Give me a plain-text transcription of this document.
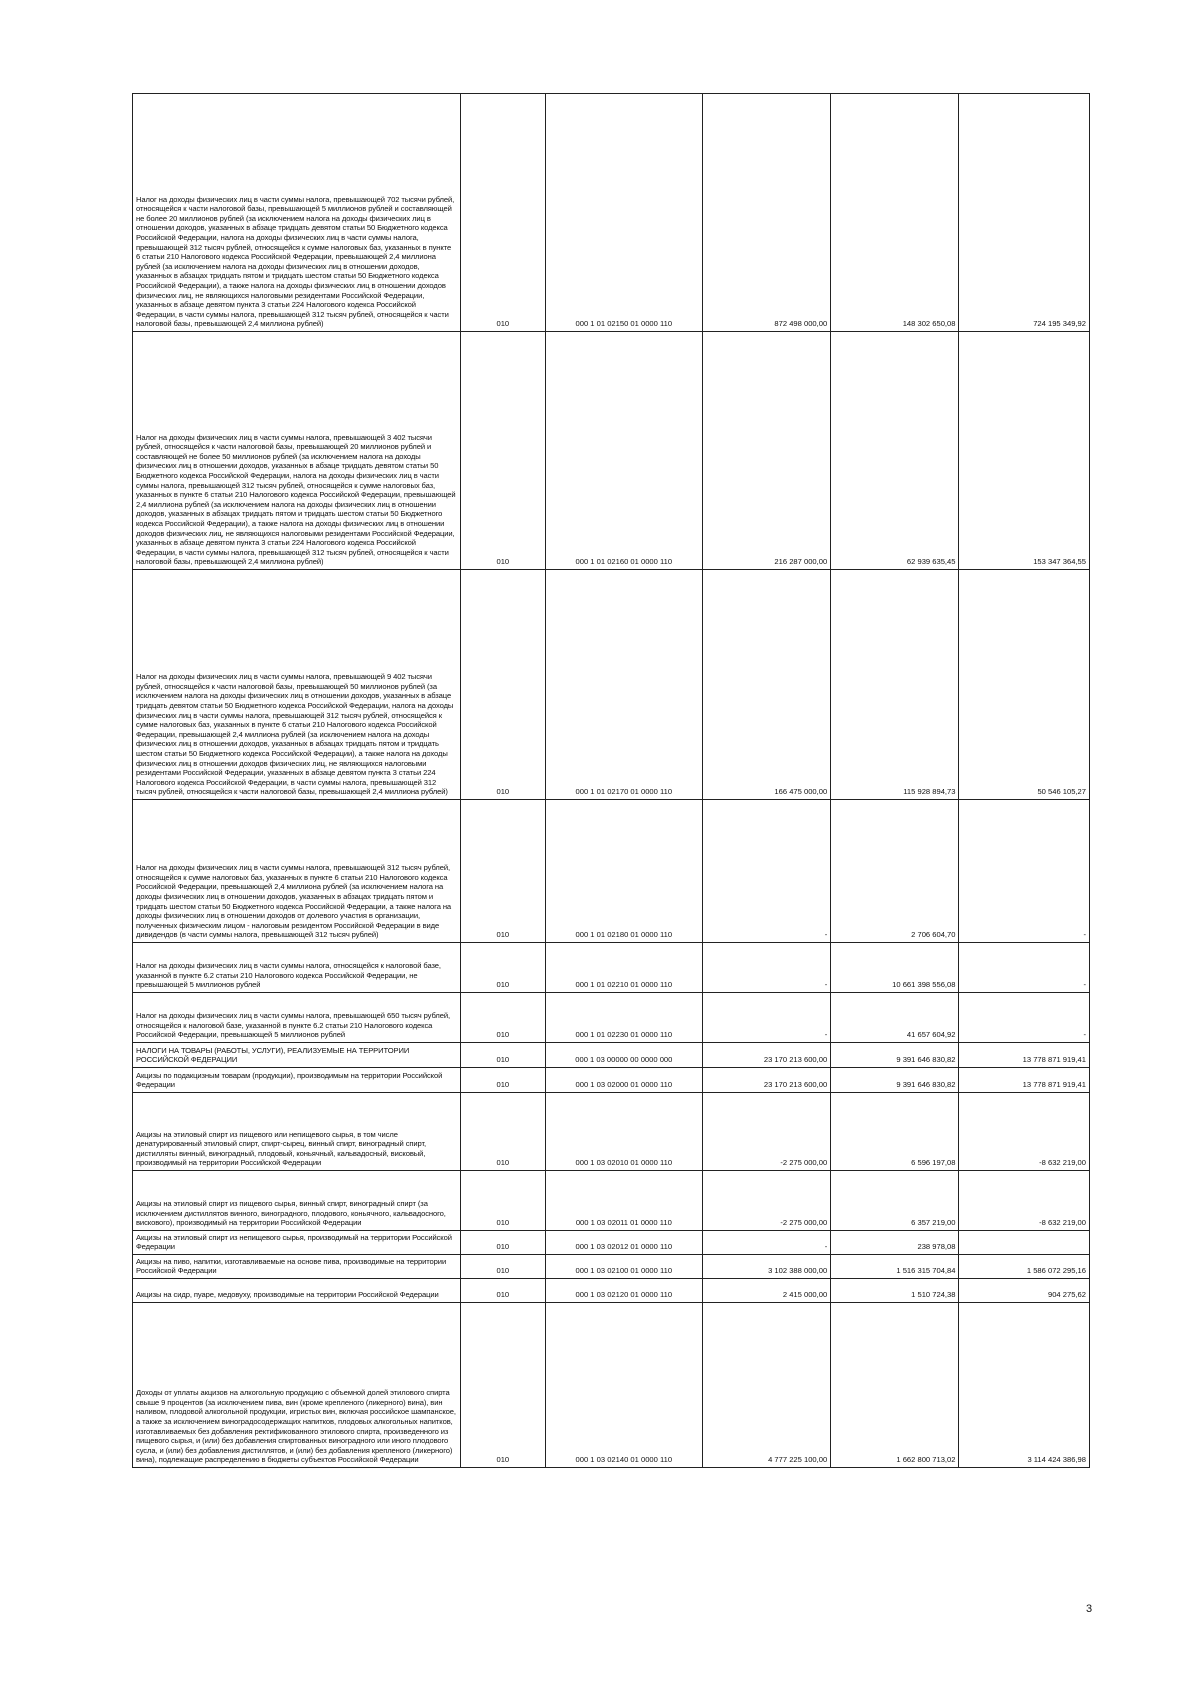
Налог на доходы физических лиц в части суммы налога, превышающей 702 тысячи рублей, относящейся к части налоговой базы, превышающей 5 миллионов рублей и составляющей не более 20 миллионов рублей (за исключением налога на доходы физических лиц в отношении доходов, указанных в абзаце тридцать девятом статьи 50 Бюджетного кодекса Российской Федерации, налога на доходы физических лиц в части суммы налога, превышающей 312 тысяч рублей, относящейся к сумме налоговых баз, указанных в пункте 6 статьи 210 Налогового кодекса Российской Федерации, превышающей 2,4 миллиона рублей (за исключением налога на доходы физических лиц в отношении доходов, указанных в абзацах тридцать пятом и тридцать шестом статьи 50 Бюджетного кодекса Российской Федерации), а также налога на доходы физических лиц в отношении доходов физических лиц, не являющихся налоговыми резидентами Российской Федерации, указанных в абзаце девятом пункта 3 статьи 224 Налогового кодекса Российской Федерации, в части суммы налога, превышающей 312 тысяч рублей, относящейся к части налоговой базы, превышающей 2,4 миллиона рублей)	010	000 1 01 02150 01 0000 110	872 498 000,00	148 302 650,08	724 195 349,92
Налог на доходы физических лиц в части суммы налога, превышающей 3 402 тысячи рублей, относящейся к части налоговой базы, превышающей 20 миллионов рублей и составляющей не более 50 миллионов рублей (за исключением налога на доходы физических лиц в отношении доходов, указанных в абзаце тридцать девятом статьи 50 Бюджетного кодекса Российской Федерации, налога на доходы физических лиц в части суммы налога, превышающей 312 тысяч рублей, относящейся к сумме налоговых баз, указанных в пункте 6 статьи 210 Налогового кодекса Российской Федерации, превышающей 2,4 миллиона рублей (за исключением налога на доходы физических лиц в отношении доходов, указанных в абзацах тридцать пятом и тридцать шестом статьи 50 Бюджетного кодекса Российской Федерации), а также налога на доходы физических лиц в отношении доходов физических лиц, не являющихся налоговыми резидентами Российской Федерации, указанных в абзаце девятом пункта 3 статьи 224 Налогового кодекса Российской Федерации, в части суммы налога, превышающей 312 тысяч рублей, относящейся к части налоговой базы, превышающей 2,4 миллиона рублей)	010	000 1 01 02160 01 0000 110	216 287 000,00	62 939 635,45	153 347 364,55
Налог на доходы физических лиц в части суммы налога, превышающей 9 402 тысячи рублей, относящейся к части налоговой базы, превышающей 50 миллионов рублей (за исключением налога на доходы физических лиц в отношении доходов, указанных в абзаце тридцать девятом статьи 50 Бюджетного кодекса Российской Федерации, налога на доходы физических лиц в части суммы налога, превышающей 312 тысяч рублей, относящейся к сумме налоговых баз, указанных в пункте 6 статьи 210 Налогового кодекса Российской Федерации, превышающей 2,4 миллиона рублей (за исключением налога на доходы физических лиц в отношении доходов, указанных в абзацах тридцать пятом и тридцать шестом статьи 50 Бюджетного кодекса Российской Федерации), а также налога на доходы физических лиц в отношении доходов физических лиц, не являющихся налоговыми резидентами Российской Федерации, указанных в абзаце девятом пункта 3 статьи 224 Налогового кодекса Российской Федерации, в части суммы налога, превышающей 312 тысяч рублей, относящейся к части налоговой базы, превышающей 2,4 миллиона рублей)	010	000 1 01 02170 01 0000 110	166 475 000,00	115 928 894,73	50 546 105,27
Налог на доходы физических лиц в части суммы налога, превышающей 312 тысяч рублей, относящейся к сумме налоговых баз, указанных в пункте 6 статьи 210 Налогового кодекса Российской Федерации, превышающей 2,4 миллиона рублей (за исключением налога на доходы физических лиц в отношении доходов, указанных в абзацах тридцать пятом и тридцать шестом статьи 50 Бюджетного кодекса Российской Федерации, а также налога на доходы физических лиц в отношении доходов от долевого участия в организации, полученных физическим лицом - налоговым резидентом Российской Федерации в виде дивидендов (в части суммы налога, превышающей 312 тысяч рублей)	010	000 1 01 02180 01 0000 110	-	2 706 604,70	-
Налог на доходы физических лиц в части суммы налога, относящейся к налоговой базе, указанной в пункте 6.2 статьи 210 Налогового кодекса Российской Федерации, не превышающей 5 миллионов рублей	010	000 1 01 02210 01 0000 110	-	10 661 398 556,08	-
Налог на доходы физических лиц в части суммы налога, превышающей 650 тысяч рублей, относящейся к налоговой базе, указанной в пункте 6.2 статьи 210 Налогового кодекса Российской Федерации, превышающей 5 миллионов рублей	010	000 1 01 02230 01 0000 110	-	41 657 604,92	-
НАЛОГИ НА ТОВАРЫ (РАБОТЫ, УСЛУГИ), РЕАЛИЗУЕМЫЕ НА ТЕРРИТОРИИ РОССИЙСКОЙ ФЕДЕРАЦИИ	010	000 1 03 00000 00 0000 000	23 170 213 600,00	9 391 646 830,82	13 778 871 919,41
Акцизы по подакцизным товарам (продукции), производимым на территории Российской Федерации	010	000 1 03 02000 01 0000 110	23 170 213 600,00	9 391 646 830,82	13 778 871 919,41
Акцизы на этиловый спирт из пищевого или непищевого сырья, в том числе денатурированный этиловый спирт, спирт-сырец, винный спирт, виноградный спирт, дистилляты винный, виноградный, плодовый, коньячный, кальвадосный, висковый, производимый на территории Российской Федерации	010	000 1 03 02010 01 0000 110	-2 275 000,00	6 596 197,08	-8 632 219,00
Акцизы на этиловый спирт из пищевого сырья, винный спирт, виноградный спирт (за исключением дистиллятов винного, виноградного, плодового, коньячного, кальвадосного, вискового), производимый на территории Российской Федерации	010	000 1 03 02011 01 0000 110	-2 275 000,00	6 357 219,00	-8 632 219,00
Акцизы на этиловый спирт из непищевого сырья, производимый на территории Российской Федерации	010	000 1 03 02012 01 0000 110	-	238 978,08	
Акцизы на пиво, напитки, изготавливаемые на основе пива, производимые на территории Российской Федерации	010	000 1 03 02100 01 0000 110	3 102 388 000,00	1 516 315 704,84	1 586 072 295,16
Акцизы на сидр, пуаре, медовуху, производимые на территории Российской Федерации	010	000 1 03 02120 01 0000 110	2 415 000,00	1 510 724,38	904 275,62
Доходы от уплаты акцизов на алкогольную продукцию с объемной долей этилового спирта свыше 9 процентов (за исключением пива, вин (кроме крепленого (ликерного) вина), вин наливом, плодовой алкогольной продукции, игристых вин, включая российское шампанское, а также за исключением виноградосодержащих напитков, плодовых алкогольных напитков, изготавливаемых без добавления ректификованного этилового спирта, произведенного из пищевого сырья, и (или) без добавления спиртованных виноградного или иного плодового сусла, и (или) без добавления дистиллятов, и (или) без добавления крепленого (ликерного) вина), подлежащие распределению в бюджеты субъектов Российской Федерации	010	000 1 03 02140 01 0000 110	4 777 225 100,00	1 662 800 713,02	3 114 424 386,98
3
